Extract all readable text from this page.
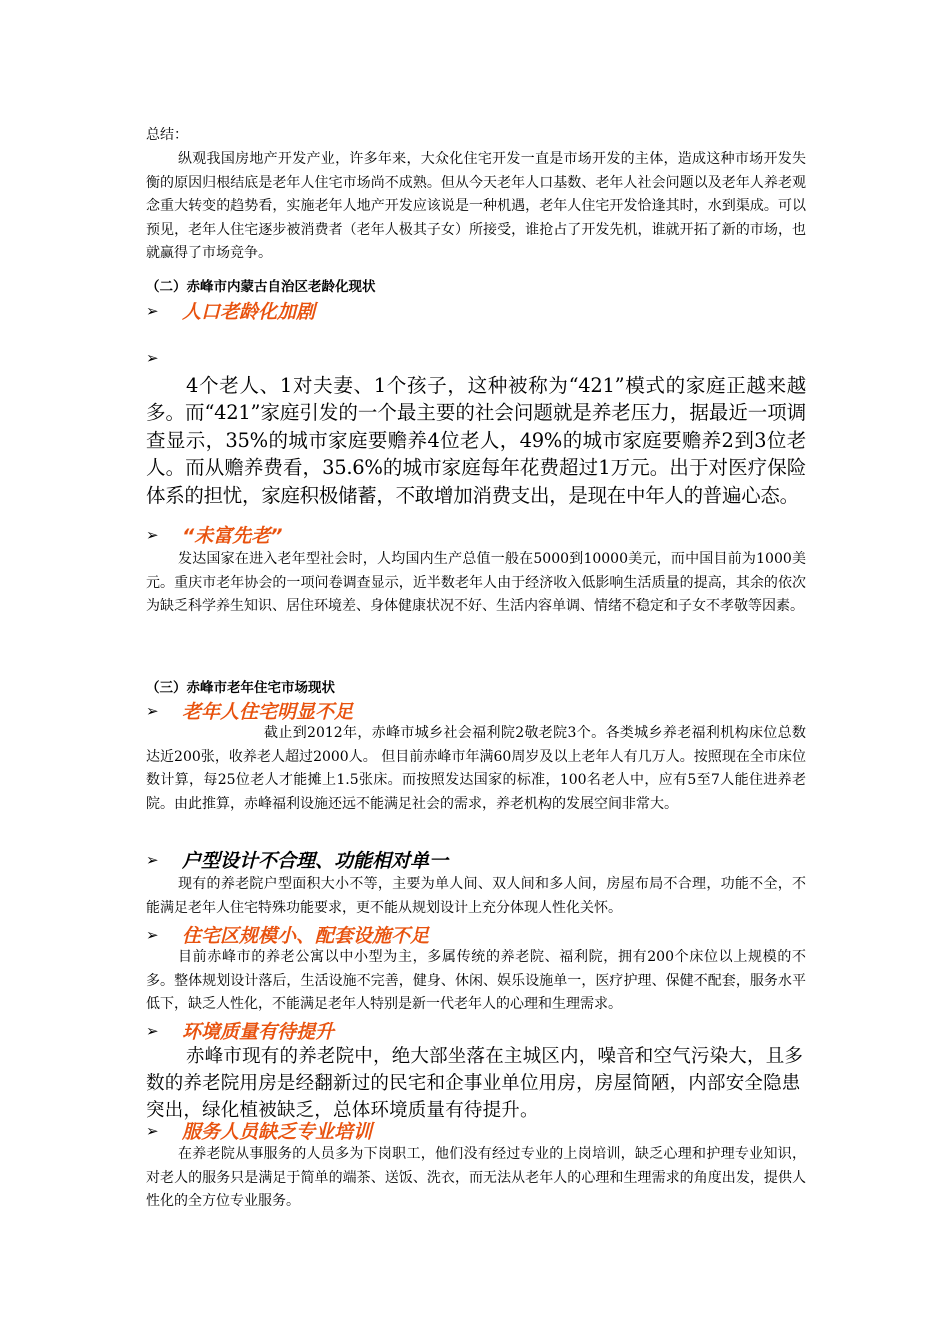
总结：

纵观我国房地产开发产业，许多年来，大众化住宅开发一直是市场开发的主体，造成这种市场开发失衡的原因归根结底是老年人住宅市场尚不成熟。但从今天老年人口基数、老年人社会问题以及老年人养老观念重大转变的趋势看，实施老年人地产开发应该说是一种机遇，老年人住宅开发恰逢其时，水到渠成。可以预见，老年人住宅逐步被消费者（老年人极其子女）所接受，谁抢占了开发先机，谁就开拓了新的市场，也就赢得了市场竞争。

（二）赤峰市内蒙古自治区老龄化现状

➢	人口老龄化加剧
➢

4个老人、1对夫妻、1个孩子，这种被称为“421”模式的家庭正越来越多。而“421”家庭引发的一个最主要的社会问题就是养老压力，据最近一项调查显示，35%的城市家庭要赡养4位老人，49%的城市家庭要赡养2到3位老人。而从赡养费看，35.6%的城市家庭每年花费超过1万元。出于对医疗保险体系的担忧，家庭积极储蓄，不敢增加消费支出，是现在中年人的普遍心态。

➢	“未富先老”

发达国家在进入老年型社会时，人均国内生产总值一般在5000到10000美元，而中国目前为1000美元。重庆市老年协会的一项问卷调查显示，近半数老年人由于经济收入低影响生活质量的提高，其余的依次为缺乏科学养生知识、居住环境差、身体健康状况不好、生活内容单调、情绪不稳定和子女不孝敬等因素。

（三）赤峰市老年住宅市场现状

➢	老年人住宅明显不足

截止到2012年，赤峰市城乡社会福利院2敬老院3个。各类城乡养老福利机构床位总数达近200张，收养老人超过2000人。 但目前赤峰市年满60周岁及以上老年人有几万人。按照现在全市床位数计算，每25位老人才能摊上1.5张床。而按照发达国家的标准，100名老人中，应有5至7人能住进养老院。由此推算，赤峰福利设施还远不能满足社会的需求，养老机构的发展空间非常大。

➢	户型设计不合理、功能相对单一

现有的养老院户型面积大小不等，主要为单人间、双人间和多人间，房屋布局不合理，功能不全，不能满足老年人住宅特殊功能要求，更不能从规划设计上充分体现人性化关怀。

➢	住宅区规模小、配套设施不足

目前赤峰市的养老公寓以中小型为主，多属传统的养老院、福利院，拥有200个床位以上规模的不多。整体规划设计落后，生活设施不完善，健身、休闲、娱乐设施单一，医疗护理、保健不配套，服务水平低下，缺乏人性化，不能满足老年人特别是新一代老年人的心理和生理需求。

➢	环境质量有待提升

赤峰市现有的养老院中，绝大部坐落在主城区内，噪音和空气污染大，且多数的养老院用房是经翻新过的民宅和企事业单位用房，房屋简陋，内部安全隐患突出，绿化植被缺乏，总体环境质量有待提升。

➢	服务人员缺乏专业培训

在养老院从事服务的人员多为下岗职工，他们没有经过专业的上岗培训，缺乏心理和护理专业知识，对老人的服务只是满足于简单的端茶、送饭、洗衣，而无法从老年人的心理和生理需求的角度出发，提供人性化的全方位专业服务。
